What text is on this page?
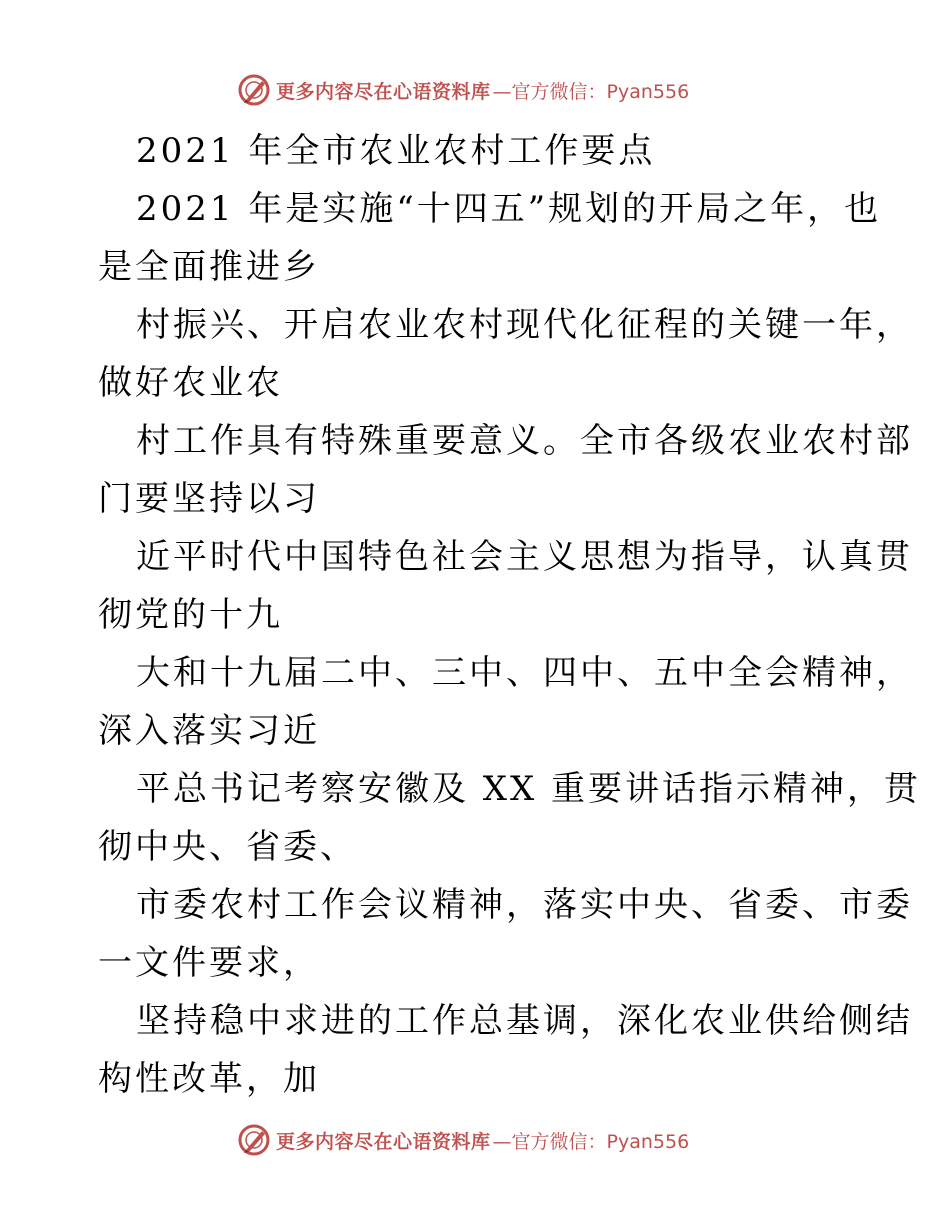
更多内容尽在心语资料库 —官方微信：Pyan556
2021 年全市农业农村工作要点
2021 年是实施“十四五”规划的开局之年，也
是全面推进乡
村振兴、开启农业农村现代化征程的关键一年，
做好农业农
村工作具有特殊重要意义。全市各级农业农村部
门要坚持以习
近平时代中国特色社会主义思想为指导，认真贯
彻党的十九
大和十九届二中、三中、四中、五中全会精神，
深入落实习近
平总书记考察安徽及 XX 重要讲话指示精神，贯
彻中央、省委、
市委农村工作会议精神，落实中央、省委、市委
一文件要求，
坚持稳中求进的工作总基调，深化农业供给侧结
构性改革，加
更多内容尽在心语资料库 —官方微信：Pyan556
